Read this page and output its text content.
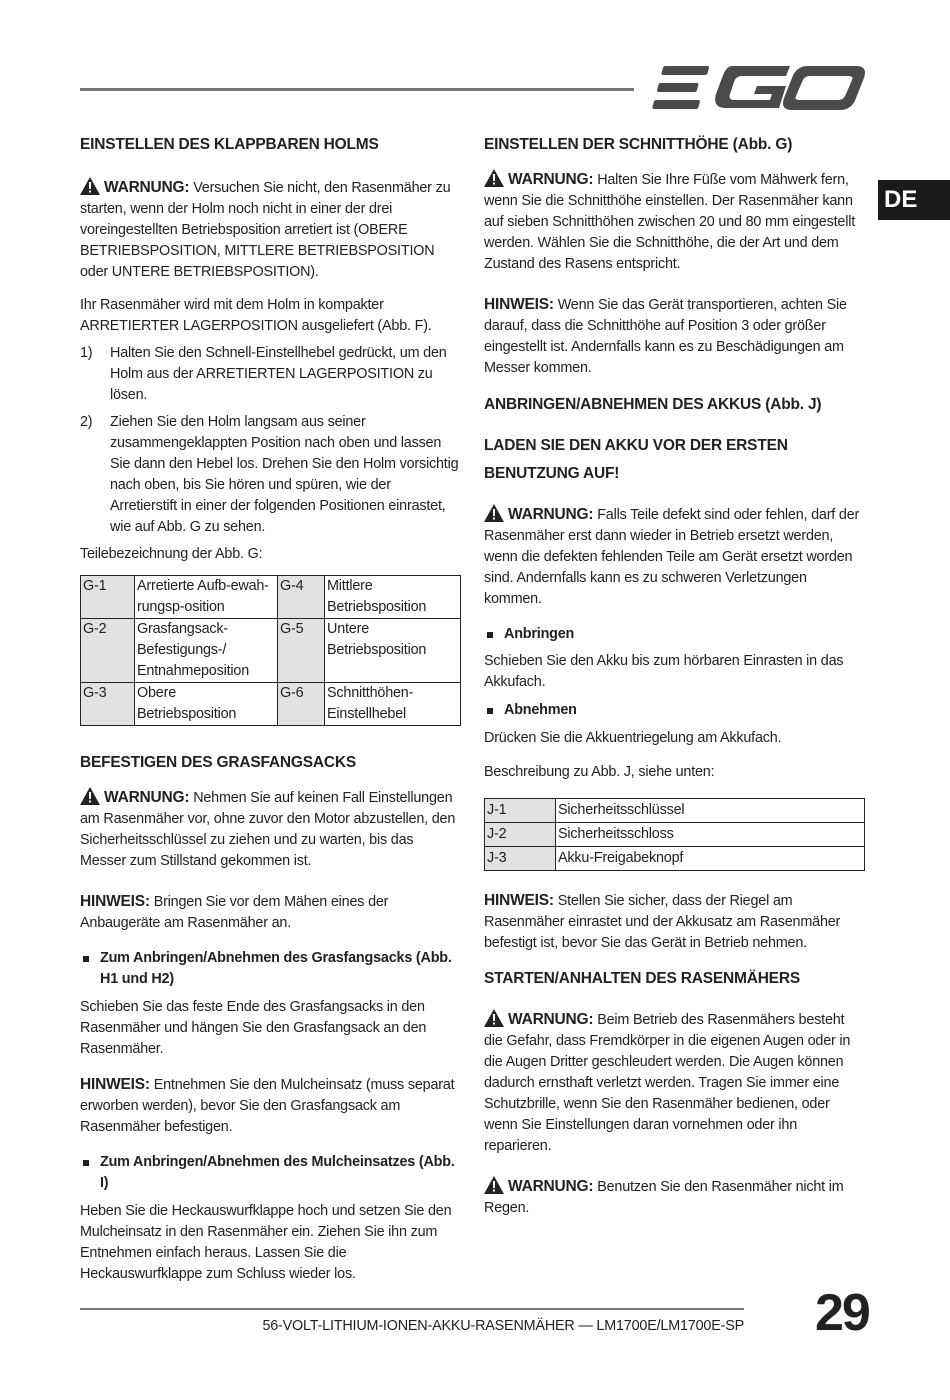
DE
EINSTELLEN DES KLAPPBAREN HOLMS

WARNUNG: Versuchen Sie nicht, den Rasenmäher zu starten, wenn der Holm noch nicht in einer der drei voreingestellten Betriebsposition arretiert ist (OBERE BETRIEBSPOSITION, MITTLERE BETRIEBSPOSITION oder UNTERE BETRIEBSPOSITION).

Ihr Rasenmäher wird mit dem Holm in kompakter ARRETIERTER LAGERPOSITION ausgeliefert (Abb. F).

1) Halten Sie den Schnell-Einstellhebel gedrückt, um den Holm aus der ARRETIERTEN LAGERPOSITION zu lösen.
2) Ziehen Sie den Holm langsam aus seiner zusammengeklappten Position nach oben und lassen Sie dann den Hebel los. Drehen Sie den Holm vorsichtig nach oben, bis Sie hören und spüren, wie der Arretierstift in einer der folgenden Positionen einrastet, wie auf Abb. G zu sehen.

Teilebezeichnung der Abb. G:

G-1	Arretierte Aufb-ewah-rungsp-osition	G-4	Mittlere Betriebsposition
G-2	Grasfangsack-Befestigungs-/ Entnahmeposition	G-5	Untere Betriebsposition
G-3	Obere Betriebsposition	G-6	Schnitthöhen-Einstellhebel
BEFESTIGEN DES GRASFANGSACKS

WARNUNG: Nehmen Sie auf keinen Fall Einstellungen am Rasenmäher vor, ohne zuvor den Motor abzustellen, den Sicherheitsschlüssel zu ziehen und zu warten, bis das Messer zum Stillstand gekommen ist.

HINWEIS: Bringen Sie vor dem Mähen eines der Anbaugeräte am Rasenmäher an.

Zum Anbringen/Abnehmen des Grasfangsacks (Abb. H1 und H2)

Schieben Sie das feste Ende des Grasfangsacks in den Rasenmäher und hängen Sie den Grasfangsack an den Rasenmäher.

HINWEIS: Entnehmen Sie den Mulcheinsatz (muss separat erworben werden), bevor Sie den Grasfangsack am Rasenmäher befestigen.

Zum Anbringen/Abnehmen des Mulcheinsatzes (Abb. I)

Heben Sie die Heckauswurfklappe hoch und setzen Sie den Mulcheinsatz in den Rasenmäher ein. Ziehen Sie ihn zum Entnehmen einfach heraus. Lassen Sie die Heckauswurfklappe zum Schluss wieder los.

EINSTELLEN DER SCHNITTHÖHE (Abb. G)

WARNUNG: Halten Sie Ihre Füße vom Mähwerk fern, wenn Sie die Schnitthöhe einstellen. Der Rasenmäher kann auf sieben Schnitthöhen zwischen 20 und 80 mm eingestellt werden. Wählen Sie die Schnitthöhe, die der Art und dem Zustand des Rasens entspricht.

HINWEIS: Wenn Sie das Gerät transportieren, achten Sie darauf, dass die Schnitthöhe auf Position 3 oder größer eingestellt ist. Andernfalls kann es zu Beschädigungen am Messer kommen.

ANBRINGEN/ABNEHMEN DES AKKUS (Abb. J)
LADEN SIE DEN AKKU VOR DER ERSTEN BENUTZUNG AUF!

WARNUNG: Falls Teile defekt sind oder fehlen, darf der Rasenmäher erst dann wieder in Betrieb ersetzt werden, wenn die defekten fehlenden Teile am Gerät ersetzt worden sind. Andernfalls kann es zu schweren Verletzungen kommen.

Anbringen

Schieben Sie den Akku bis zum hörbaren Einrasten in das Akkufach.

Abnehmen

Drücken Sie die Akkuentriegelung am Akkufach.

Beschreibung zu Abb. J, siehe unten:

J-1	Sicherheitsschlüssel
J-2	Sicherheitsschloss
J-3	Akku-Freigabeknopf

HINWEIS: Stellen Sie sicher, dass der Riegel am Rasenmäher einrastet und der Akkusatz am Rasenmäher befestigt ist, bevor Sie das Gerät in Betrieb nehmen.

STARTEN/ANHALTEN DES RASENMÄHERS

WARNUNG: Beim Betrieb des Rasenmähers besteht die Gefahr, dass Fremdkörper in die eigenen Augen oder in die Augen Dritter geschleudert werden. Die Augen können dadurch ernsthaft verletzt werden. Tragen Sie immer eine Schutzbrille, wenn Sie den Rasenmäher bedienen, oder wenn Sie Einstellungen daran vornehmen oder ihn reparieren.

WARNUNG: Benutzen Sie den Rasenmäher nicht im Regen.

56-VOLT-LITHIUM-IONEN-AKKU-RASENMÄHER — LM1700E/LM1700E-SP 29
